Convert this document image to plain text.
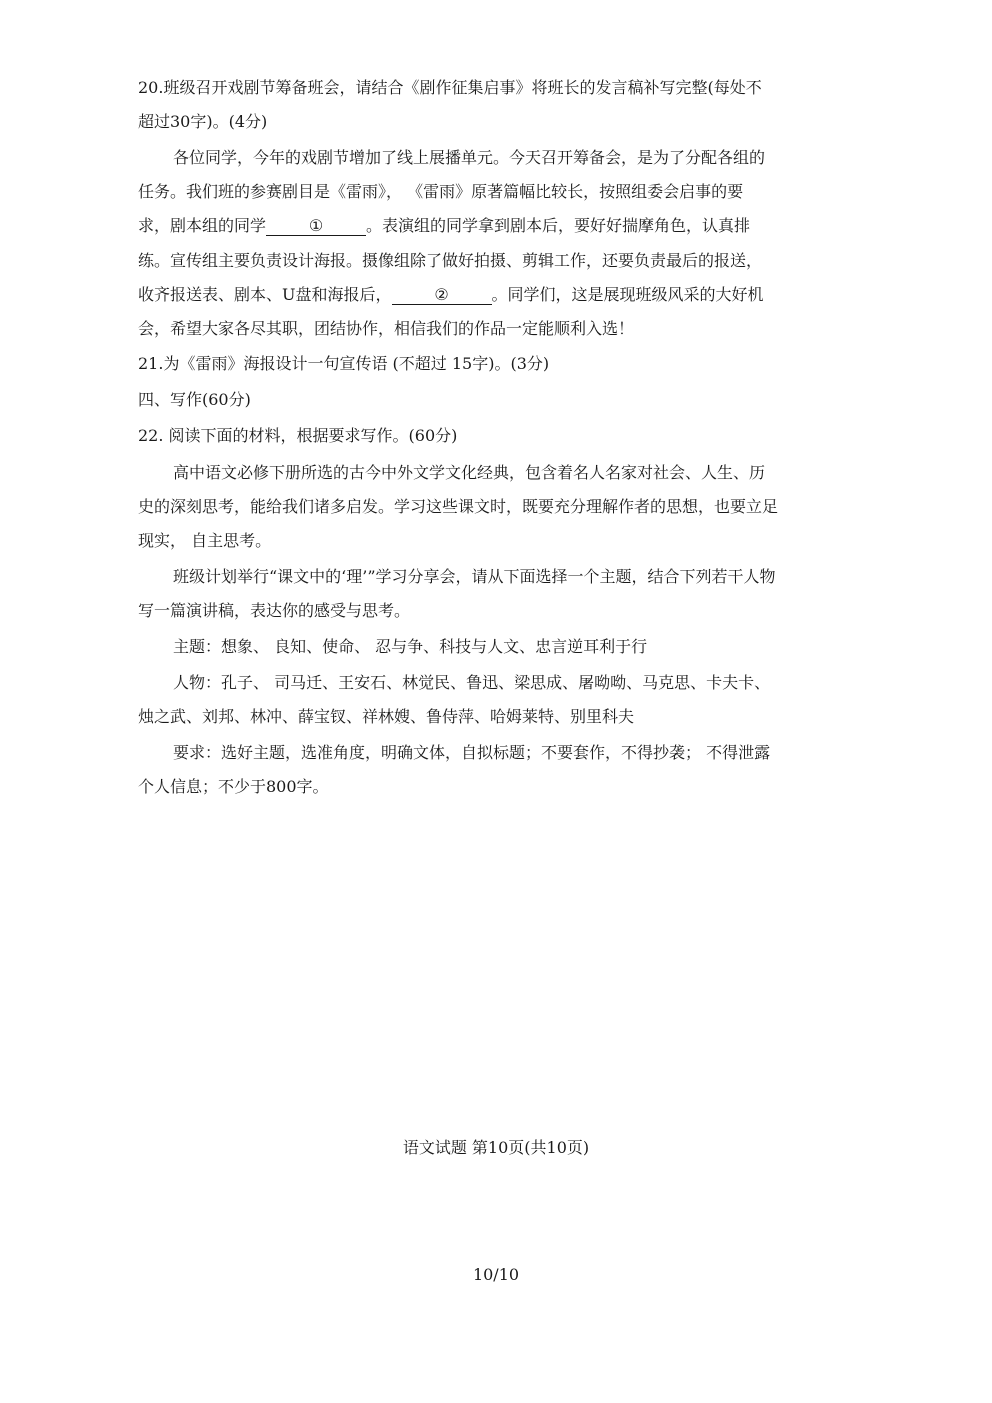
20.班级召开戏剧节筹备班会，请结合《剧作征集启事》将班长的发言稿补写完整(每处不
超过30字)。(4分)
各位同学，今年的戏剧节增加了线上展播单元。今天召开筹备会，是为了分配各组的
任务。我们班的参赛剧目是《雷雨》， 《雷雨》原著篇幅比较长，按照组委会启事的要
求，剧本组的同学	①	。表演组的同学拿到剧本后，要好好揣摩角色，认真排
练。宣传组主要负责设计海报。摄像组除了做好拍摄、剪辑工作，还要负责最后的报送，
收齐报送表、剧本、U盘和海报后，	②	。同学们，这是展现班级风采的大好机
会，希望大家各尽其职，团结协作，相信我们的作品一定能顺利入选！
21.为《雷雨》海报设计一句宣传语 (不超过 15字)。(3分)
四、写作(60分)
22. 阅读下面的材料，根据要求写作。(60分)
高中语文必修下册所选的古今中外文学文化经典，包含着名人名家对社会、人生、历
史的深刻思考，能给我们诸多启发。学习这些课文时，既要充分理解作者的思想，也要立足
现实， 自主思考。
班级计划举行“课文中的‘理’”学习分享会，请从下面选择一个主题，结合下列若干人物
写一篇演讲稿，表达你的感受与思考。
主题：想象、 良知、使命、 忍与争、科技与人文、忠言逆耳利于行
人物：孔子、 司马迁、王安石、林觉民、鲁迅、梁思成、屠呦呦、马克思、卡夫卡、
烛之武、刘邦、林冲、薛宝钗、祥林嫂、鲁侍萍、哈姆莱特、别里科夫
要求：选好主题，选准角度，明确文体，自拟标题；不要套作，不得抄袭； 不得泄露
个人信息；不少于800字。
语文试题 第10页(共10页)
10/10
